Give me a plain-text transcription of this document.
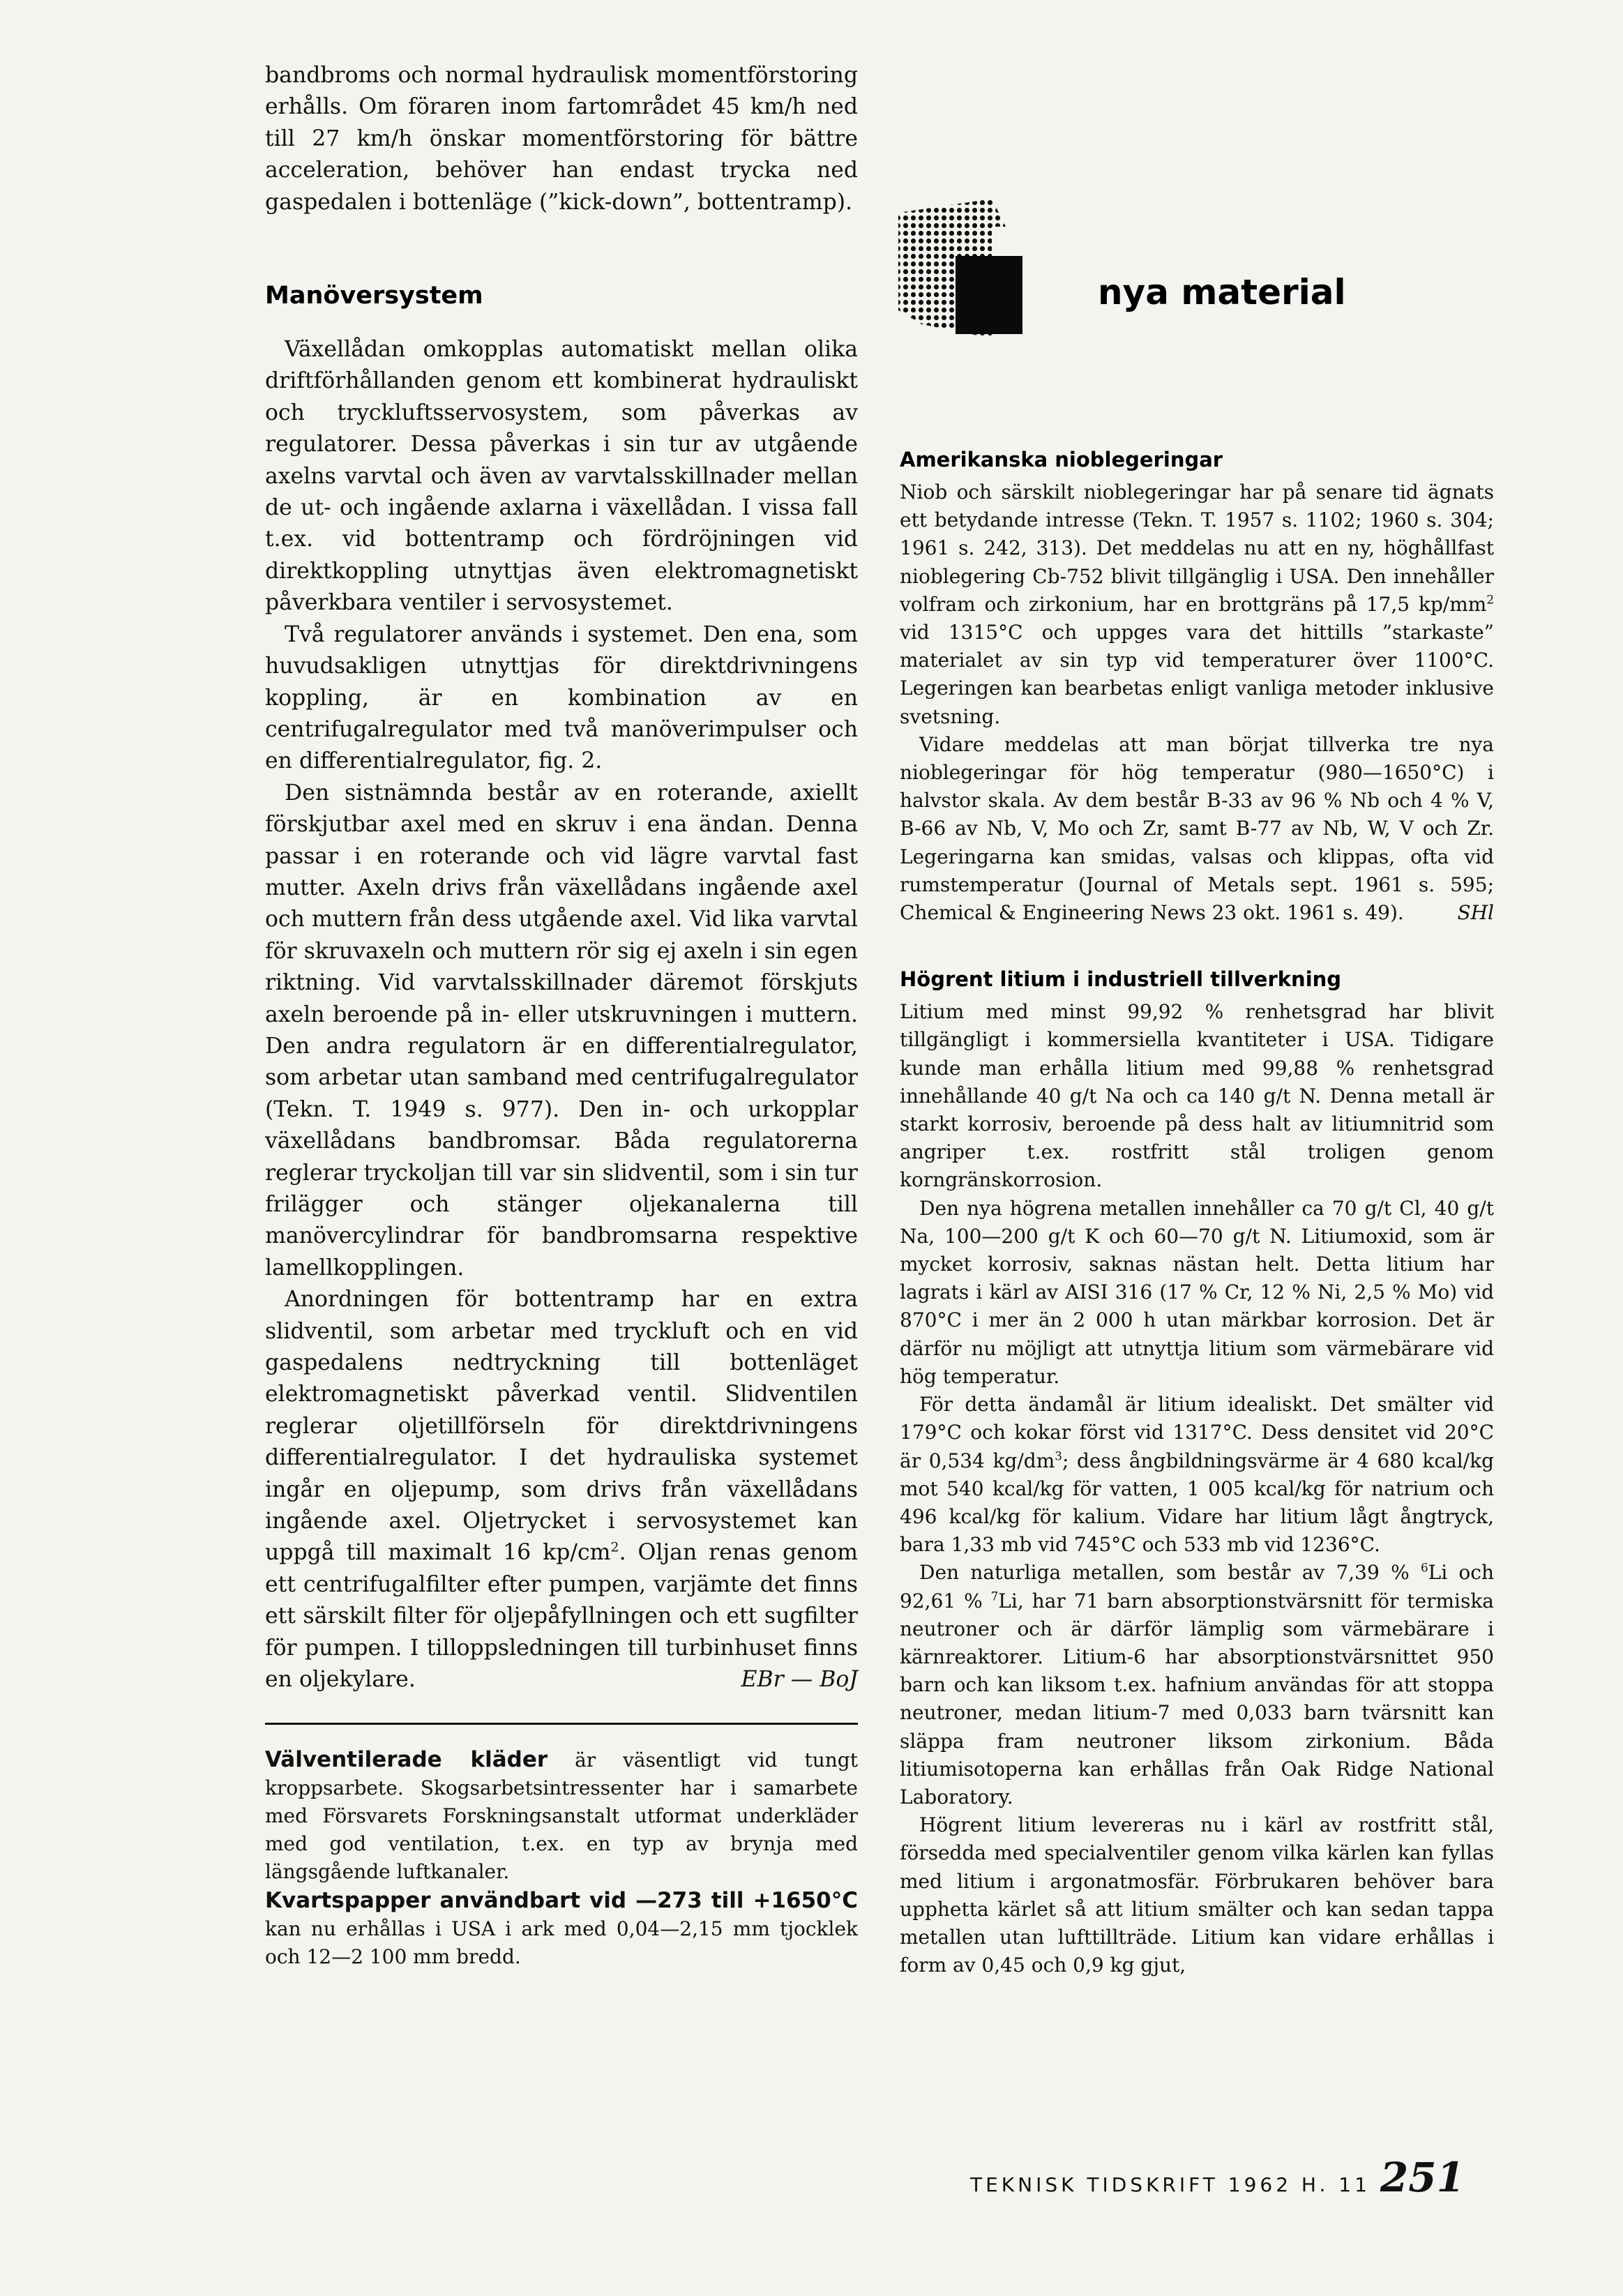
bandbroms och normal hydraulisk momentförstoring erhålls. Om föraren inom fartområdet 45 km/h ned till 27 km/h önskar momentförstoring för bättre acceleration, behöver han endast trycka ned gaspedalen i bottenläge (”kick-down”, bottentramp).

Manöversystem

Växellådan omkopplas automatiskt mellan olika driftförhållanden genom ett kombinerat hydrauliskt och tryckluftsservosystem, som påverkas av regulatorer. Dessa påverkas i sin tur av utgående axelns varvtal och även av varvtalsskillnader mellan de ut- och ingående axlarna i växellådan. I vissa fall t.ex. vid bottentramp och fördröjningen vid direktkoppling utnyttjas även elektromagnetiskt påverkbara ventiler i servosystemet.

Två regulatorer används i systemet. Den ena, som huvudsakligen utnyttjas för direktdrivningens koppling, är en kombination av en centrifugalregulator med två manöverimpulser och en differentialregulator, fig. 2.

Den sistnämnda består av en roterande, axiellt förskjutbar axel med en skruv i ena ändan. Denna passar i en roterande och vid lägre varvtal fast mutter. Axeln drivs från växellådans ingående axel och muttern från dess utgående axel. Vid lika varvtal för skruvaxeln och muttern rör sig ej axeln i sin egen riktning. Vid varvtalsskillnader däremot förskjuts axeln beroende på in- eller utskruvningen i muttern. Den andra regulatorn är en differentialregulator, som arbetar utan samband med centrifugalregulator (Tekn. T. 1949 s. 977). Den in- och urkopplar växellådans bandbromsar. Båda regulatorerna reglerar tryckoljan till var sin slidventil, som i sin tur frilägger och stänger oljekanalerna till manövercylindrar för bandbromsarna respektive lamellkopplingen.

Anordningen för bottentramp har en extra slidventil, som arbetar med tryckluft och en vid gaspedalens nedtryckning till bottenläget elektromagnetiskt påverkad ventil. Slidventilen reglerar oljetillförseln för direktdrivningens differentialregulator. I det hydrauliska systemet ingår en oljepump, som drivs från växellådans ingående axel. Oljetrycket i servosystemet kan uppgå till maximalt 16 $kp/cm^2$. Oljan renas genom ett centrifugalfilter efter pumpen, varjämte det finns ett särskilt filter för oljepåfyllningen och ett sugfilter för pumpen. I tilloppsledningen till turbinhuset finns en oljekylare.	EBr — BoJ

Välventilerade kläder är väsentligt vid tungt kroppsarbete. Skogsarbetsintressenter har i samarbete med Försvarets Forskningsanstalt utformat underkläder med god ventilation, t.ex. en typ av brynja med längsgående luftkanaler.

Kvartspapper användbart vid —273 till +1650°C kan nu erhållas i USA i ark med 0,04—2,15 mm tjocklek och 12—2 100 mm bredd.

nya material
Amerikanska nioblegeringar

Niob och särskilt nioblegeringar har på senare tid ägnats ett betydande intresse (Tekn. T. 1957 s. 1102; 1960 s. 304; 1961 s. 242, 313). Det meddelas nu att en ny, höghållfast nioblegering Cb-752 blivit tillgänglig i USA. Den innehåller volfram och zirkonium, har en brottgräns på 17,5 $kp/mm^2$ vid 1315°C och uppges vara det hittills ”starkaste” materialet av sin typ vid temperaturer över 1100°C. Legeringen kan bearbetas enligt vanliga metoder inklusive svetsning.

Vidare meddelas att man börjat tillverka tre nya nioblegeringar för hög temperatur (980—1650°C) i halvstor skala. Av dem består B-33 av 96 % Nb och 4 % V, B-66 av Nb, V, Mo och Zr, samt B-77 av Nb, W, V och Zr. Legeringarna kan smidas, valsas och klippas, ofta vid rumstemperatur (Journal of Metals sept. 1961 s. 595; Chemical & Engineering News 23 okt. 1961 s. 49).	SHl

Högrent litium i industriell tillverkning

Litium med minst 99,92 % renhetsgrad har blivit tillgängligt i kommersiella kvantiteter i USA. Tidigare kunde man erhålla litium med 99,88 % renhetsgrad innehållande 40 g/t Na och ca 140 g/t N. Denna metall är starkt korrosiv, beroende på dess halt av litiumnitrid som angriper t.ex. rostfritt stål troligen genom korngränskorrosion.

Den nya högrena metallen innehåller ca 70 g/t Cl, 40 g/t Na, 100—200 g/t K och 60—70 g/t N. Litiumoxid, som är mycket korrosiv, saknas nästan helt. Detta litium har lagrats i kärl av AISI 316 (17 % Cr, 12 % Ni, 2,5 % Mo) vid 870°C i mer än 2 000 h utan märkbar korrosion. Det är därför nu möjligt att utnyttja litium som värmebärare vid hög temperatur.

För detta ändamål är litium idealiskt. Det smälter vid 179°C och kokar först vid 1317°C. Dess densitet vid 20°C är 0,534 $kg/dm^3$; dess ångbildningsvärme är 4 680 kcal/kg mot 540 kcal/kg för vatten, 1 005 kcal/kg för natrium och 496 kcal/kg för kalium. Vidare har litium lågt ångtryck, bara 1,33 mb vid 745°C och 533 mb vid 1236°C.

Den naturliga metallen, som består av 7,39 % $^6$Li och 92,61 % $^7$Li, har 71 barn absorptionstvärsnitt för termiska neutroner och är därför lämplig som värmebärare i kärnreaktorer. Litium-6 har absorptionstvärsnittet 950 barn och kan liksom t.ex. hafnium användas för att stoppa neutroner, medan litium-7 med 0,033 barn tvärsnitt kan släppa fram neutroner liksom zirkonium. Båda litiumisotoperna kan erhållas från Oak Ridge National Laboratory.

Högrent litium levereras nu i kärl av rostfritt stål, försedda med specialventiler genom vilka kärlen kan fyllas med litium i argonatmosfär. Förbrukaren behöver bara upphetta kärlet så att litium smälter och kan sedan tappa metallen utan lufttillträde. Litium kan vidare erhållas i form av 0,45 och 0,9 kg gjut,

TEKNISK TIDSKRIFT 1962 H. 11 251
